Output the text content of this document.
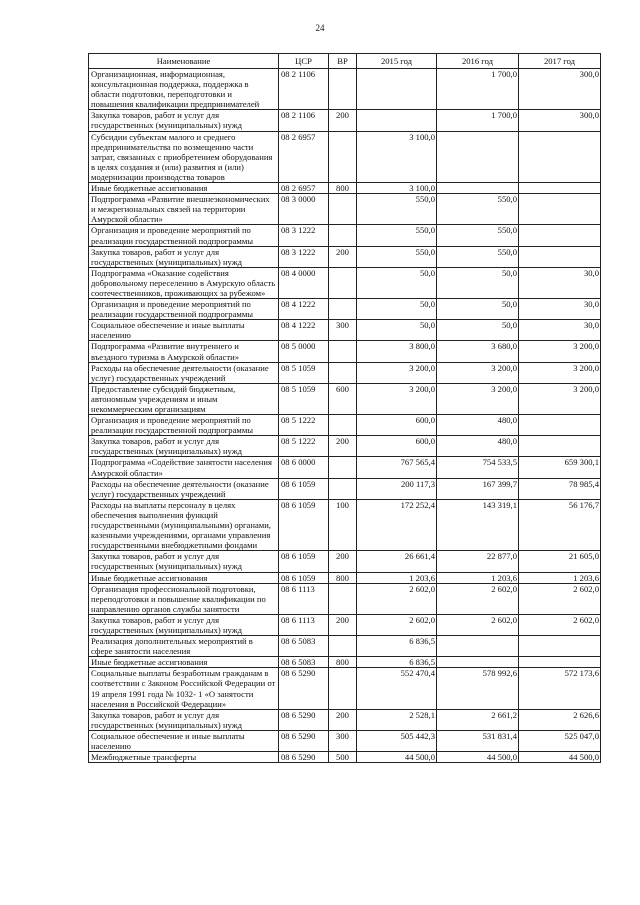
24
Наименование	ЦСР	ВР	2015 год	2016 год	2017 год
Организационная, информационная, консультационная поддержка, поддержка в области подготовки, переподготовки и повышения квалификации предпринимателей	08 2 1106			1 700,0	300,0
Закупка товаров, работ и услуг для государственных (муниципальных) нужд	08 2 1106	200		1 700,0	300,0
Субсидии субъектам малого и среднего предпринимательства по возмещению части затрат, связанных с приобретением оборудования в целях создания и (или) развития и (или) модернизации производства товаров	08 2 6957		3 100,0		
Иные бюджетные ассигнования	08 2 6957	800	3 100,0		
Подпрограмма «Развитие внешнеэкономических и межрегиональных связей на территории Амурской области»	08 3 0000		550,0	550,0	
Организация и проведение мероприятий по реализации государственной подпрограммы	08 3 1222		550,0	550,0	
Закупка товаров, работ и услуг для государственных (муниципальных) нужд	08 3 1222	200	550,0	550,0	
Подпрограмма «Оказание содействия добровольному переселению в Амурскую область соотечественников, проживающих за рубежом»	08 4 0000		50,0	50,0	30,0
Организация и проведение мероприятий по реализации государственной подпрограммы	08 4 1222		50,0	50,0	30,0
Социальное обеспечение и иные выплаты населению	08 4 1222	300	50,0	50,0	30,0
Подпрограмма «Развитие внутреннего и въездного туризма в Амурской области»	08 5 0000		3 800,0	3 680,0	3 200,0
Расходы на обеспечение деятельности (оказание услуг) государственных учреждений	08 5 1059		3 200,0	3 200,0	3 200,0
Предоставление субсидий бюджетным, автономным учреждениям и иным некоммерческим организациям	08 5 1059	600	3 200,0	3 200,0	3 200,0
Организация и проведение мероприятий по реализации государственной подпрограммы	08 5 1222		600,0	480,0	
Закупка товаров, работ и услуг для государственных (муниципальных) нужд	08 5 1222	200	600,0	480,0	
Подпрограмма «Содействие занятости населения Амурской области»	08 6 0000		767 565,4	754 533,5	659 300,1
Расходы на обеспечение деятельности (оказание услуг) государственных учреждений	08 6 1059		200 117,3	167 399,7	78 985,4
Расходы на выплаты персоналу в целях обеспечения выполнения функций государственными (муниципальными) органами, казенными учреждениями, органами управления государственными внебюджетными фондами	08 6 1059	100	172 252,4	143 319,1	56 176,7
Закупка товаров, работ и услуг для государственных (муниципальных) нужд	08 6 1059	200	26 661,4	22 877,0	21 605,0
Иные бюджетные ассигнования	08 6 1059	800	1 203,6	1 203,6	1 203,6
Организация профессиональной подготовки, переподготовки и повышение квалификации по направлению органов службы занятости	08 6 1113		2 602,0	2 602,0	2 602,0
Закупка товаров, работ и услуг для государственных (муниципальных) нужд	08 6 1113	200	2 602,0	2 602,0	2 602,0
Реализация дополнительных мероприятий в сфере занятости населения	08 6 5083		6 836,5		
Иные бюджетные ассигнования	08 6 5083	800	6 836,5		
Социальные выплаты безработным гражданам в соответствии с Законом Российской Федерации от 19 апреля 1991 года № 1032- 1 «О занятости населения в Российской Федерации»	08 6 5290		552 470,4	578 992,6	572 173,6
Закупка товаров, работ и услуг для государственных (муниципальных) нужд	08 6 5290	200	2 528,1	2 661,2	2 626,6
Социальное обеспечение и иные выплаты населению	08 6 5290	300	505 442,3	531 831,4	525 047,0
Межбюджетные трансферты	08 6 5290	500	44 500,0	44 500,0	44 500,0
